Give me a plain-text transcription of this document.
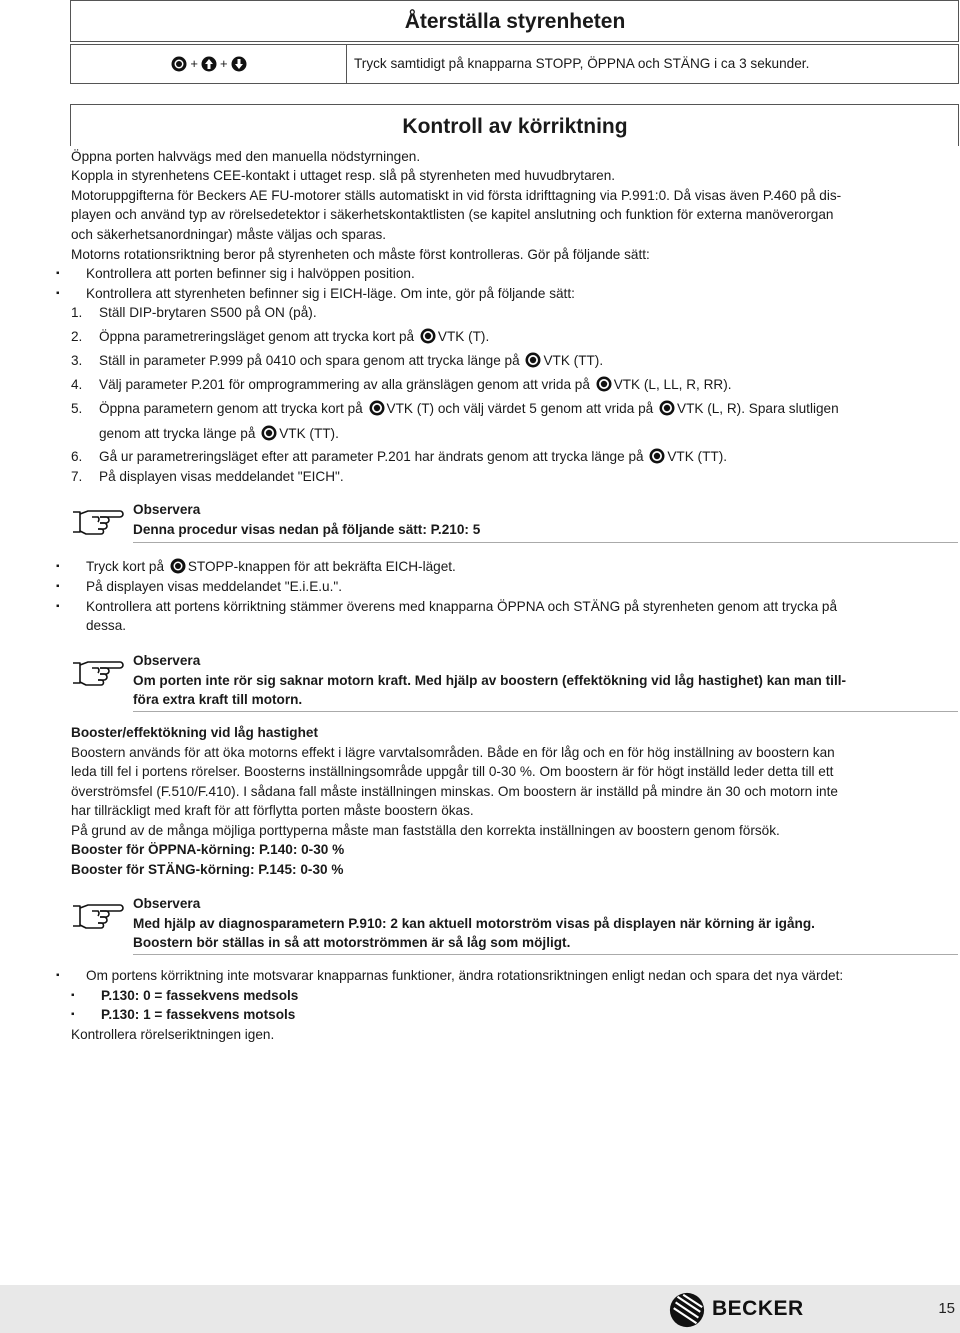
Återställa styrenheten
+ +	Tryck samtidigt på knapparna STOPP, ÖPPNA och STÄNG i ca 3 sekunder.
Kontroll av körriktning
Öppna porten halvvägs med den manuella nödstyrningen.
Koppla in styrenhetens CEE-kontakt i uttaget resp. slå på styrenheten med huvudbrytaren.
Motoruppgifterna för Beckers AE FU-motorer ställs automatiskt in vid första idrifttagning via P.991:0. Då visas även P.460 på dis-
playen och använd typ av rörelsedetektor i säkerhetskontaktlisten (se kapitel anslutning och funktion för externa manöverorgan
och säkerhetsanordningar) måste väljas och sparas.
Motorns rotationsriktning beror på styrenheten och måste först kontrolleras. Gör på följande sätt:
▪ Kontrollera att porten befinner sig i halvöppen position.
▪ Kontrollera att styrenheten befinner sig i EICH-läge. Om inte, gör på följande sätt:
1. Ställ DIP-brytaren S500 på ON (på).
2. Öppna parametreringsläget genom att trycka kort på VTK (T).
3. Ställ in parameter P.999 på 0410 och spara genom att trycka länge på VTK (TT).
4. Välj parameter P.201 för omprogrammering av alla gränslägen genom att vrida på VTK (L, LL, R, RR).
5. Öppna parametern genom att trycka kort på VTK (T) och välj värdet 5 genom att vrida på VTK (L, R). Spara slutligen
genom att trycka länge på VTK (TT).
6. Gå ur parametreringsläget efter att parameter P.201 har ändrats genom att trycka länge på VTK (TT).
7. På displayen visas meddelandet "EICH".
Observera
Denna procedur visas nedan på följande sätt: P.210: 5
▪ Tryck kort på STOPP-knappen för att bekräfta EICH-läget.
▪ På displayen visas meddelandet "E.i.E.u.".
▪ Kontrollera att portens körriktning stämmer överens med knapparna ÖPPNA och STÄNG på styrenheten genom att trycka på
dessa.
Observera
Om porten inte rör sig saknar motorn kraft. Med hjälp av boostern (effektökning vid låg hastighet) kan man till-
föra extra kraft till motorn.
Booster/effektökning vid låg hastighet
Boostern används för att öka motorns effekt i lägre varvtalsområden. Både en för låg och en för hög inställning av boostern kan
leda till fel i portens rörelser. Boosterns inställningsområde uppgår till 0-30 %. Om boostern är för högt inställd leder detta till ett
överströmsfel (F.510/F.410). I sådana fall måste inställningen minskas. Om boostern är inställd på mindre än 30 och motorn inte
har tillräckligt med kraft för att förflytta porten måste boostern ökas.
På grund av de många möjliga porttyperna måste man fastställa den korrekta inställningen av boostern genom försök.
Booster för ÖPPNA-körning: P.140: 0-30 %
Booster för STÄNG-körning: P.145: 0-30 %
Observera
Med hjälp av diagnosparametern P.910: 2 kan aktuell motorström visas på displayen när körning är igång.
Boostern bör ställas in så att motorströmmen är så låg som möjligt.
▪ Om portens körriktning inte motsvarar knapparnas funktioner, ändra rotationsriktningen enligt nedan och spara det nya värdet:
▪ P.130: 0 = fassekvens medsols
▪ P.130: 1 = fassekvens motsols
Kontrollera rörelseriktningen igen.
BECKER	15
